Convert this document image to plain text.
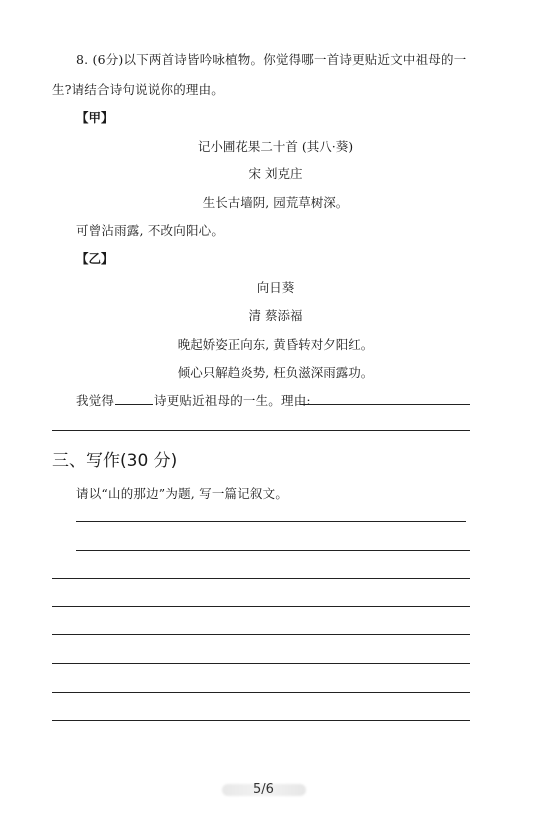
8. (6分)以下两首诗皆吟咏植物。你觉得哪一首诗更贴近文中祖母的一
生?请结合诗句说说你的理由。
【甲】
记小圃花果二十首 (其八·葵)
宋 刘克庄
生长古墙阴, 园荒草树深。
可曾沾雨露, 不改向阳心。
【乙】
向日葵
清 蔡添福
晚起娇姿正向东, 黄昏转对夕阳红。
倾心只解趋炎势, 枉负滋深雨露功。
我觉得	诗更贴近祖母的一生。理由:
三、写作(30 分)
请以“山的那边”为题, 写一篇记叙文。
5/6
